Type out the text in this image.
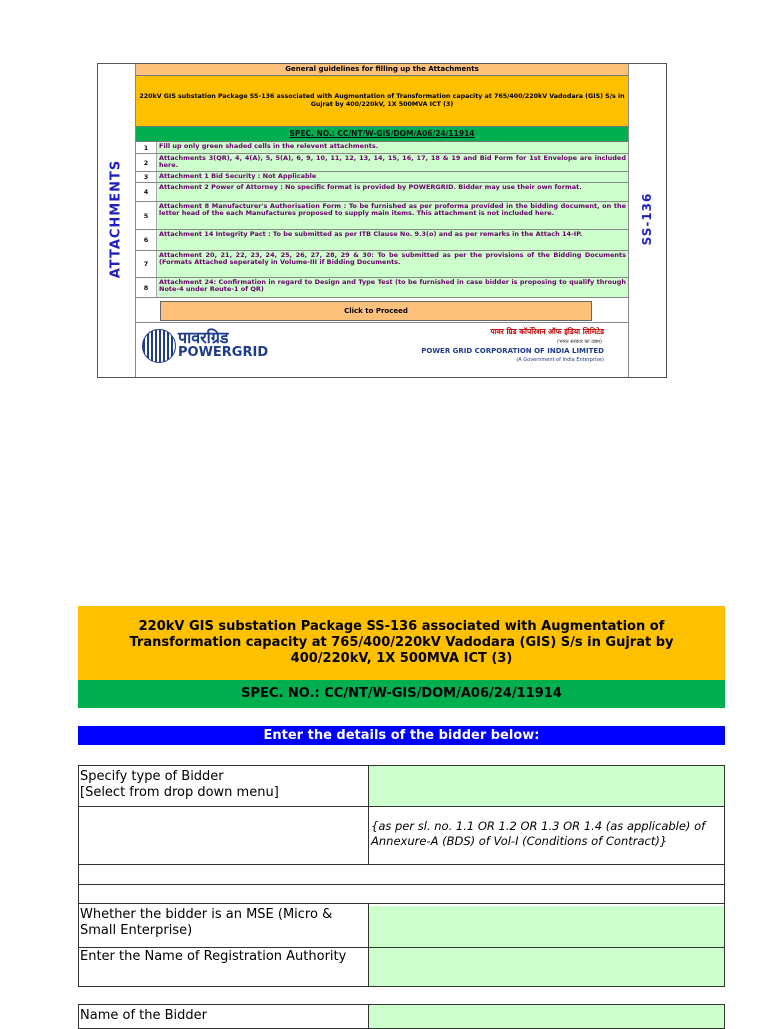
ATTACHMENTS
General guidelines for filling up the Attachments
220kV GIS substation Package SS-136 associated with Augmentation of Transformation capacity at 765/400/220kV Vadodara (GIS) S/s in Gujrat by 400/220kV, 1X 500MVA ICT (3)
SPEC. NO.: CC/NT/W-GIS/DOM/A06/24/11914
1	Fill up only green shaded cells in the relevent attachments.
2
Attachments 3(QR), 4, 4(A), 5, 5(A), 6, 9, 10, 11, 12, 13, 14, 15, 16, 17, 18 & 19 and Bid Form for 1st Envelope are included here.
3	Attachment 1 Bid Security : Not Applicable
4
Attachment 2 Power of Attorney : No specific format is provided by POWERGRID. Bidder may use their own format.
5
Attachment 8 Manufacturer's Authorisation Form : To be furnished as per proforma provided in the bidding document, on the letter head of the each Manufactures proposed to supply main items. This attachment is not included here.
6
Attachment 14 Integrity Pact : To be submitted as per ITB Clause No. 9.3(o) and as per remarks in the Attach 14-IP.
7
Attachment 20, 21, 22, 23, 24, 25, 26, 27, 28, 29 & 30: To be submitted as per the provisions of the Bidding Documents (Formats Attached seperately in Volume-III if Bidding Documents.
8
Attachment 24: Confirmation in regard to Design and Type Test (to be furnished in case bidder is proposing to qualify through Note-4 under Route-1 of QR)
Click to Proceed
पावरग्रिड
POWERGRID
पावर ग्रिड कॉर्पोरेशन ऑफ इंडिया लिमिटेड
(भारत सरकार का उद्यम)
POWER GRID CORPORATION OF INDIA LIMITED
(A Government of India Enterprise)
SS-136
220kV GIS substation Package SS-136 associated with Augmentation of Transformation capacity at 765/400/220kV Vadodara (GIS) S/s in Gujrat by 400/220kV, 1X 500MVA ICT (3)
SPEC. NO.: CC/NT/W-GIS/DOM/A06/24/11914
Enter the details of the bidder below:
Specify type of Bidder
[Select from drop down menu]
{as per sl. no. 1.1 OR 1.2 OR 1.3 OR 1.4 (as applicable) of Annexure-A (BDS) of Vol-I (Conditions of Contract)}
Whether the bidder is an MSE (Micro & Small Enterprise)
Enter the Name of Registration Authority
Name of the Bidder
